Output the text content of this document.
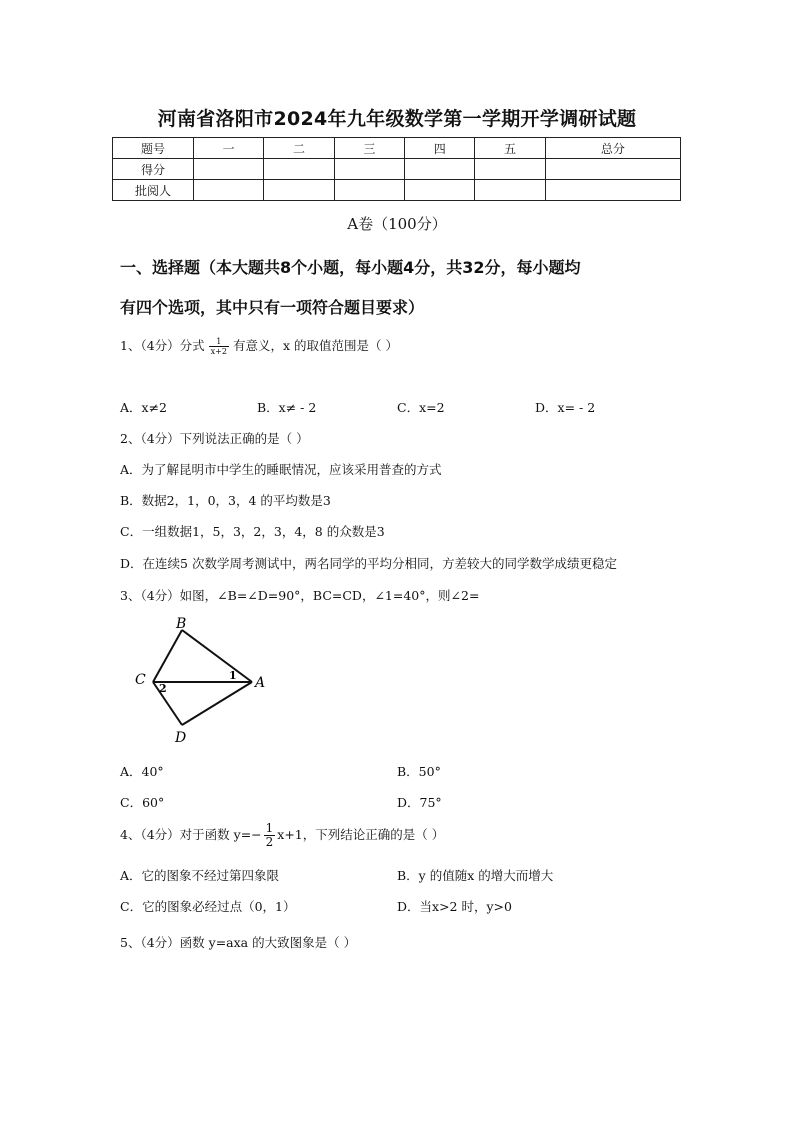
河南省洛阳市2024年九年级数学第一学期开学调研试题
题号	一	二	三	四	五	总分
得分						
批阅人						
A卷（100分）
一、选择题（本大题共8个小题，每小题4分，共32分，每小题均
有四个选项，其中只有一项符合题目要求）
1、（4分）分式 $\frac{1}{x+2}$ 有意义，x 的取值范围是（ ）
A．x≠2	B．x≠ - 2	C．x=2	D．x= - 2
2、（4分）下列说法正确的是（ ）
A．为了解昆明市中学生的睡眠情况，应该采用普查的方式
B．数据2，1，0，3，4 的平均数是3
C．一组数据1，5，3，2，3，4，8 的众数是3
D．在连续5 次数学周考测试中，两名同学的平均分相同，方差较大的同学数学成绩更稳定
3、（4分）如图，∠B=∠D=90°，BC=CD，∠1=40°，则∠2=
B
C	A
D
1
2
A．40°	B．50°
C．60°	D．75°
4、（4分）对于函数 $y=- \frac{1}{2} x+1$，下列结论正确的是（ ）
A．它的图象不经过第四象限	B．y 的值随x 的增大而增大
C．它的图象必经过点（0，1）	D．当x>2 时，y>0
5、（4分）函数 y=axa 的大致图象是（ ）
